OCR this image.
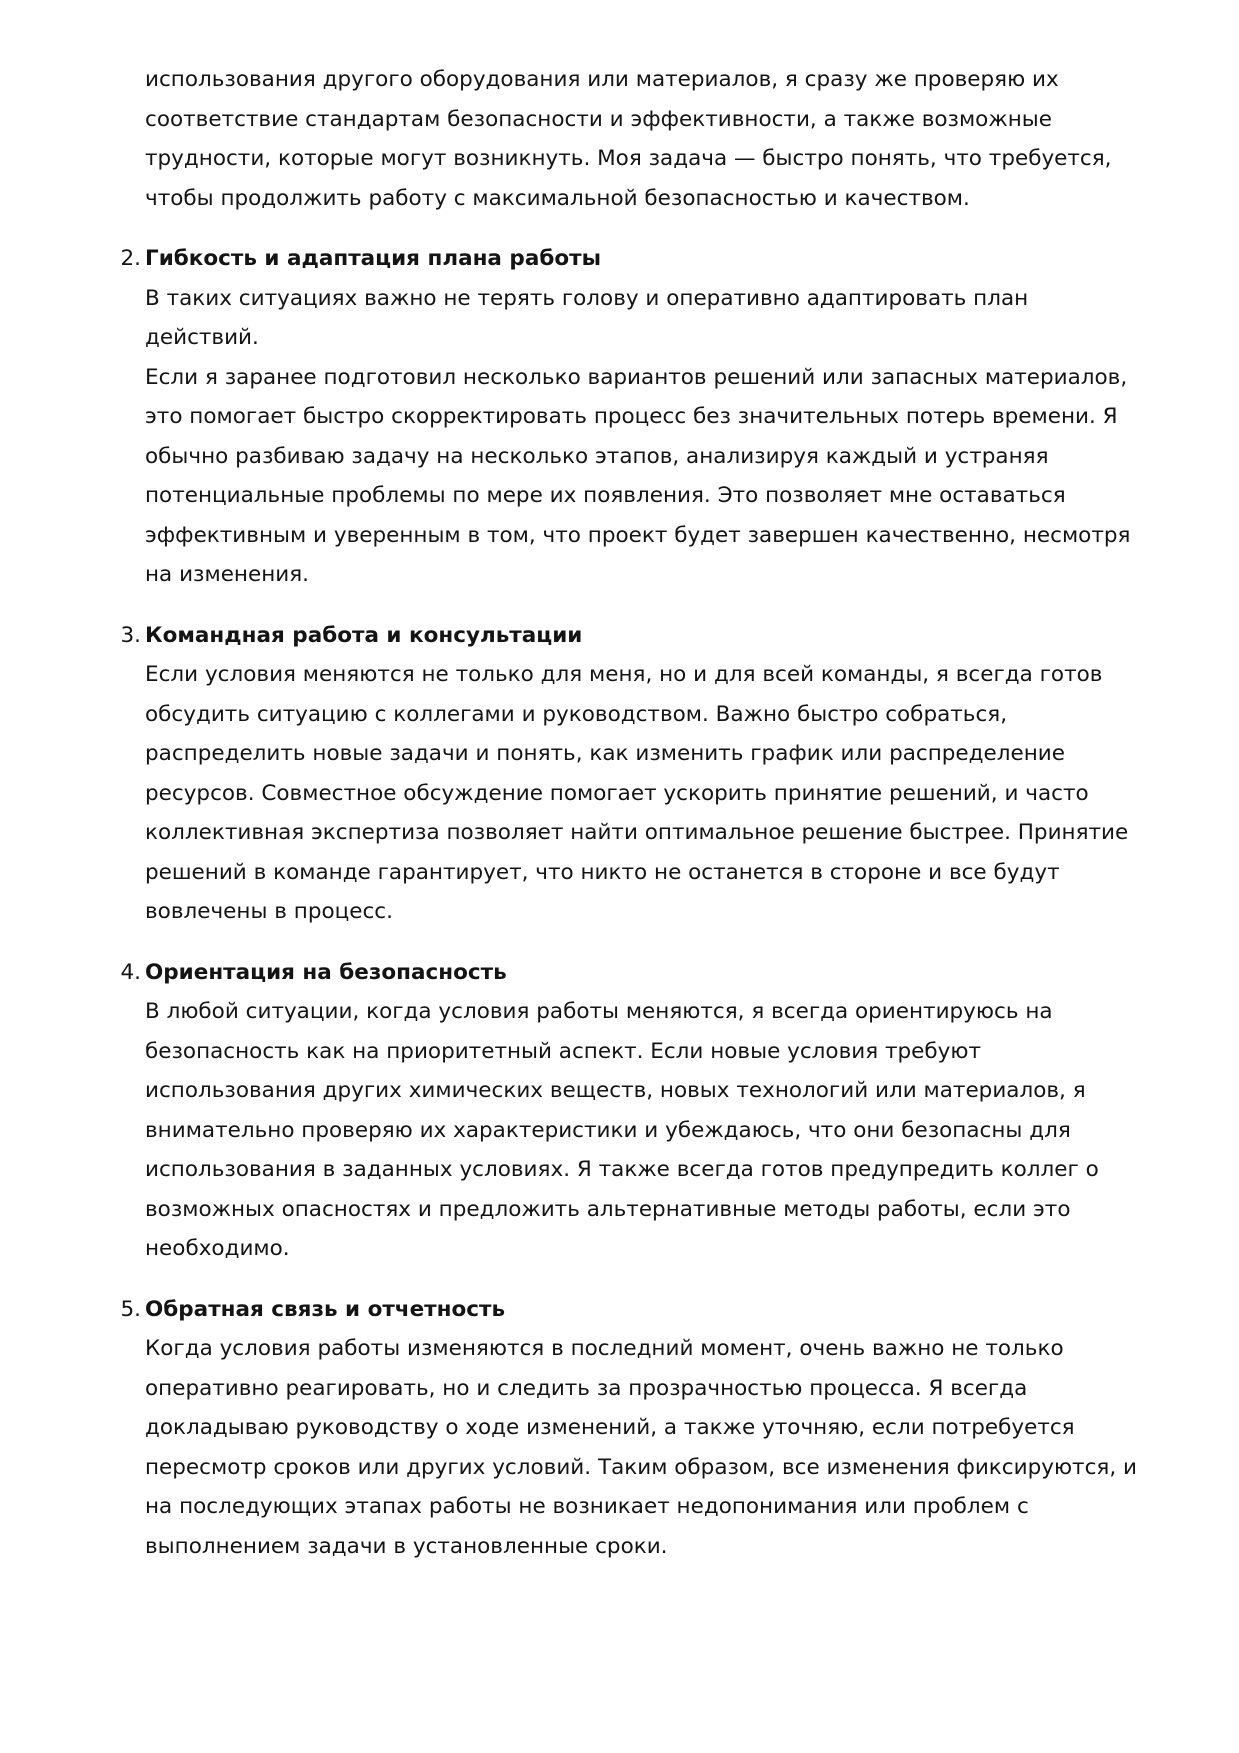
использования другого оборудования или материалов, я сразу же проверяю их
соответствие стандартам безопасности и эффективности, а также возможные
трудности, которые могут возникнуть. Моя задача — быстро понять, что требуется,
чтобы продолжить работу с максимальной безопасностью и качеством.
2. Гибкость и адаптация плана работы

В таких ситуациях важно не терять голову и оперативно адаптировать план действий.
Если я заранее подготовил несколько вариантов решений или запасных материалов,
это помогает быстро скорректировать процесс без значительных потерь времени. Я
обычно разбиваю задачу на несколько этапов, анализируя каждый и устраняя
потенциальные проблемы по мере их появления. Это позволяет мне оставаться
эффективным и уверенным в том, что проект будет завершен качественно, несмотря
на изменения.
3. Командная работа и консультации

Если условия меняются не только для меня, но и для всей команды, я всегда готов
обсудить ситуацию с коллегами и руководством. Важно быстро собраться,
распределить новые задачи и понять, как изменить график или распределение
ресурсов. Совместное обсуждение помогает ускорить принятие решений, и часто
коллективная экспертиза позволяет найти оптимальное решение быстрее. Принятие
решений в команде гарантирует, что никто не останется в стороне и все будут
вовлечены в процесс.
4. Ориентация на безопасность

В любой ситуации, когда условия работы меняются, я всегда ориентируюсь на
безопасность как на приоритетный аспект. Если новые условия требуют
использования других химических веществ, новых технологий или материалов, я
внимательно проверяю их характеристики и убеждаюсь, что они безопасны для
использования в заданных условиях. Я также всегда готов предупредить коллег о
возможных опасностях и предложить альтернативные методы работы, если это
необходимо.
5. Обратная связь и отчетность

Когда условия работы изменяются в последний момент, очень важно не только
оперативно реагировать, но и следить за прозрачностью процесса. Я всегда
докладываю руководству о ходе изменений, а также уточняю, если потребуется
пересмотр сроков или других условий. Таким образом, все изменения фиксируются, и
на последующих этапах работы не возникает недопонимания или проблем с
выполнением задачи в установленные сроки.
